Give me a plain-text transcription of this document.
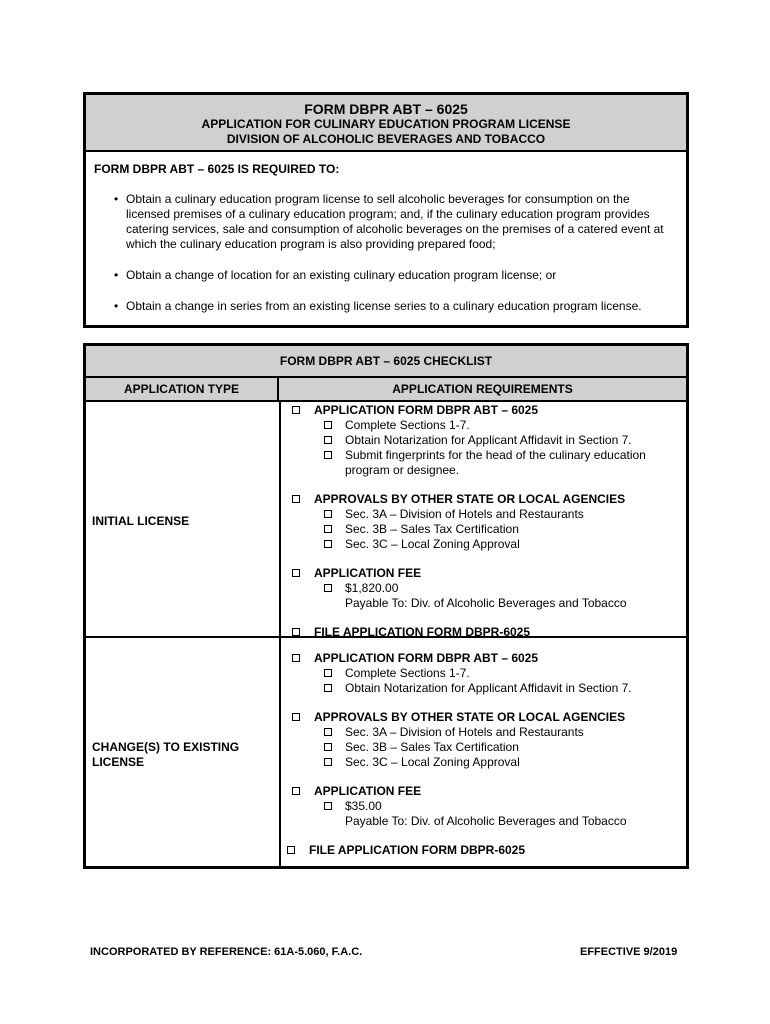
FORM DBPR ABT – 6025
APPLICATION FOR CULINARY EDUCATION PROGRAM LICENSE
DIVISION OF ALCOHOLIC BEVERAGES AND TOBACCO
FORM DBPR ABT – 6025 IS REQUIRED TO:
• Obtain a culinary education program license to sell alcoholic beverages for consumption on the licensed premises of a culinary education program; and, if the culinary education program provides catering services, sale and consumption of alcoholic beverages on the premises of a catered event at which the culinary education program is also providing prepared food;
• Obtain a change of location for an existing culinary education program license; or
• Obtain a change in series from an existing license series to a culinary education program license.
FORM DBPR ABT – 6025 CHECKLIST
APPLICATION TYPE	APPLICATION REQUIREMENTS
INITIAL LICENSE
CHANGE(S) TO EXISTING LICENSE
APPLICATION FORM DBPR ABT – 6025
Complete Sections 1-7.
Obtain Notarization for Applicant Affidavit in Section 7.
Submit fingerprints for the head of the culinary education
program or designee.
APPROVALS BY OTHER STATE OR LOCAL AGENCIES
Sec. 3A – Division of Hotels and Restaurants
Sec. 3B – Sales Tax Certification
Sec. 3C – Local Zoning Approval
APPLICATION FEE
$1,820.00
Payable To: Div. of Alcoholic Beverages and Tobacco
FILE APPLICATION FORM DBPR-6025
APPLICATION FORM DBPR ABT – 6025
Complete Sections 1-7.
Obtain Notarization for Applicant Affidavit in Section 7.
APPROVALS BY OTHER STATE OR LOCAL AGENCIES
Sec. 3A – Division of Hotels and Restaurants
Sec. 3B – Sales Tax Certification
Sec. 3C – Local Zoning Approval
APPLICATION FEE
$35.00
Payable To: Div. of Alcoholic Beverages and Tobacco
FILE APPLICATION FORM DBPR-6025
INCORPORATED BY REFERENCE: 61A-5.060, F.A.C.	EFFECTIVE 9/2019
